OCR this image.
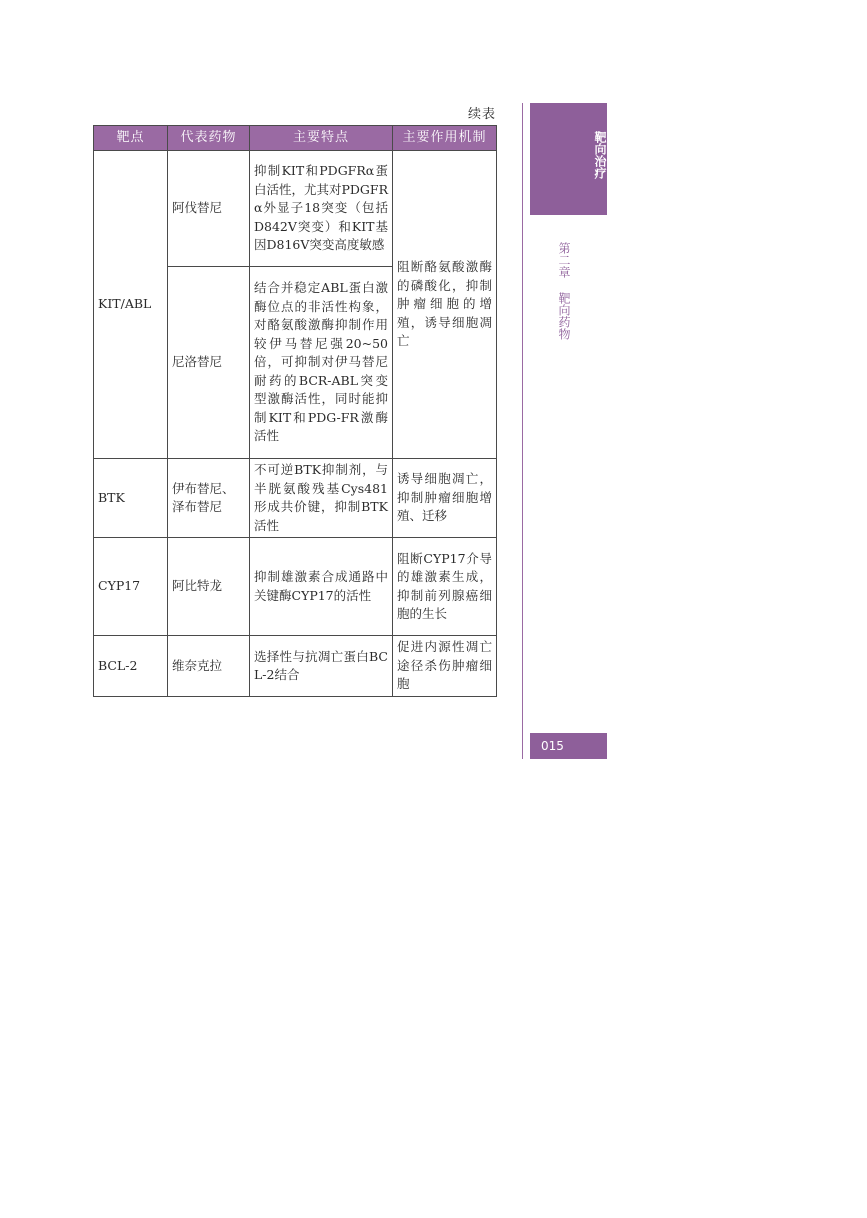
续表
靶点	代表药物	主要特点	主要作用机制
KIT/ABL	阿伐替尼	抑制KIT和PDGFRα蛋白活性，尤其对PDGFRα外显子18突变（包括D842V突变）和KIT基因D816V突变高度敏感	阻断酪氨酸激酶的磷酸化，抑制肿瘤细胞的增殖，诱导细胞凋亡
	尼洛替尼	结合并稳定ABL蛋白激酶位点的非活性构象，对酪氨酸激酶抑制作用较伊马替尼强20~50倍，可抑制对伊马替尼耐药的BCR-ABL突变型激酶活性，同时能抑制KIT和PDG-FR激酶活性	
BTK	伊布替尼、泽布替尼	不可逆BTK抑制剂，与半胱氨酸残基Cys481形成共价键，抑制BTK活性	诱导细胞凋亡，抑制肿瘤细胞增殖、迁移
CYP17	阿比特龙	抑制雄激素合成通路中关键酶CYP17的活性	阻断CYP17介导的雄激素生成，抑制前列腺癌细胞的生长
BCL-2	维奈克拉	选择性与抗凋亡蛋白BCL-2结合	促进内源性凋亡途径杀伤肿瘤细胞
靶向治疗
第二章靶向药物
015
